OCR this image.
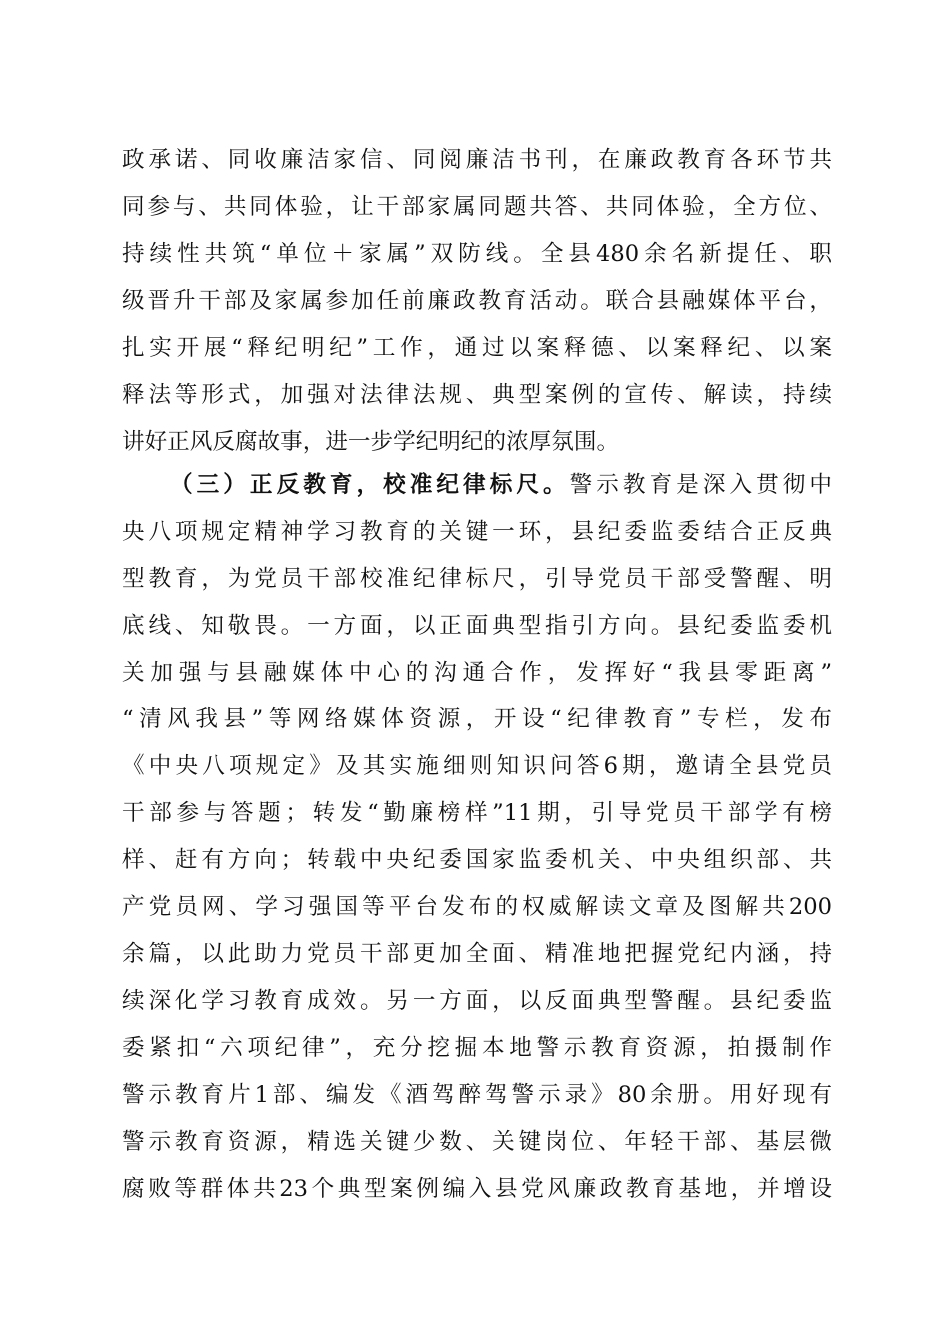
政承诺、同收廉洁家信、同阅廉洁书刊，在廉政教育各环节共
同参与、共同体验，让干部家属同题共答、共同体验，全方位、
持续性共筑“单位＋家属”双防线。全县480余名新提任、职
级晋升干部及家属参加任前廉政教育活动。联合县融媒体平台，
扎实开展“释纪明纪”工作，通过以案释德、以案释纪、以案
释法等形式，加强对法律法规、典型案例的宣传、解读，持续
讲好正风反腐故事，进一步学纪明纪的浓厚氛围。
（三）正反教育，校准纪律标尺。警示教育是深入贯彻中
央八项规定精神学习教育的关键一环，县纪委监委结合正反典
型教育，为党员干部校准纪律标尺，引导党员干部受警醒、明
底线、知敬畏。一方面，以正面典型指引方向。县纪委监委机
关加强与县融媒体中心的沟通合作，发挥好“我县零距离”
“清风我县”等网络媒体资源，开设“纪律教育”专栏，发布
《中央八项规定》及其实施细则知识问答6期，邀请全县党员
干部参与答题；转发“勤廉榜样”11期，引导党员干部学有榜
样、赶有方向；转载中央纪委国家监委机关、中央组织部、共
产党员网、学习强国等平台发布的权威解读文章及图解共200
余篇，以此助力党员干部更加全面、精准地把握党纪内涵，持
续深化学习教育成效。另一方面，以反面典型警醒。县纪委监
委紧扣“六项纪律”，充分挖掘本地警示教育资源，拍摄制作
警示教育片1部、编发《酒驾醉驾警示录》80余册。用好现有
警示教育资源，精选关键少数、关键岗位、年轻干部、基层微
腐败等群体共23个典型案例编入县党风廉政教育基地，并增设
